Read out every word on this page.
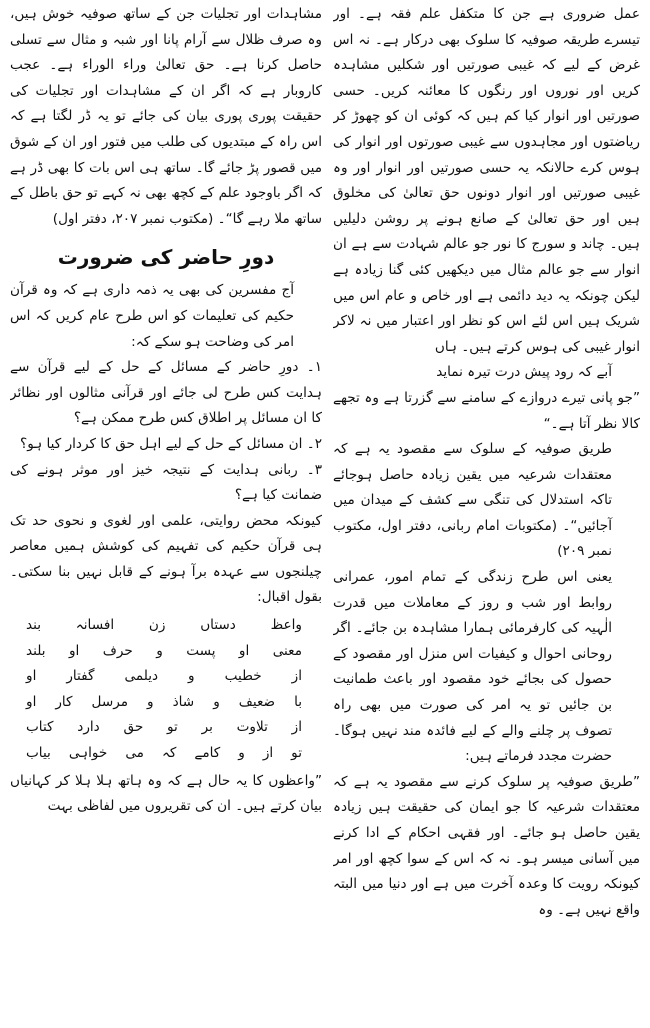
عمل ضروری ہے جن کا متکفل علم فقہ ہے۔ اور تیسرے طریقہ صوفیہ کا سلوک بھی درکار ہے۔ نہ اس غرض کے لیے کہ غیبی صورتیں اور شکلیں مشاہدہ کریں اور نوروں اور رنگوں کا معائنہ کریں۔ حسی صورتیں اور انوار کیا کم ہیں کہ کوئی ان کو چھوڑ کر ریاضتوں اور مجاہدوں سے غیبی صورتوں اور انوار کی ہوس کرے حالانکہ یہ حسی صورتیں اور انوار اور وہ غیبی صورتیں اور انوار دونوں حق تعالیٰ کی مخلوق ہیں اور حق تعالیٰ کے صانع ہونے پر روشن دلیلیں ہیں۔ چاند و سورج کا نور جو عالم شہادت سے ہے ان انوار سے جو عالم مثال میں دیکھیں کئی گنا زیادہ ہے لیکن چونکہ یہ دید دائمی ہے اور خاص و عام اس میں شریک ہیں اس لئے اس کو نظر اور اعتبار میں نہ لاکر انوار غیبی کی ہوس کرتے ہیں۔ ہاں

آبے کہ رود پیش درت تیرہ نماید

”جو پانی تیرے دروازے کے سامنے سے گزرتا ہے وہ تجھے کالا نظر آتا ہے۔“

طریق صوفیہ کے سلوک سے مقصود یہ ہے کہ معتقدات شرعیہ میں یقین زیادہ حاصل ہوجائے تاکہ استدلال کی تنگی سے کشف کے میدان میں آجائیں“۔ (مکتوبات امام ربانی، دفتر اول، مکتوب نمبر ۲۰۹)

یعنی اس طرح زندگی کے تمام امور، عمرانی روابط اور شب و روز کے معاملات میں قدرت الٰہیہ کی کارفرمائی ہمارا مشاہدہ بن جائے۔ اگر روحانی احوال و کیفیات اس منزل اور مقصود کے حصول کی بجائے خود مقصود اور باعث طمانیت بن جائیں تو یہ امر کی صورت میں بھی راہ تصوف پر چلنے والے کے لیے فائدہ مند نہیں ہوگا۔ حضرت مجدد فرماتے ہیں:

”طریق صوفیہ پر سلوک کرنے سے مقصود یہ ہے کہ معتقدات شرعیہ کا جو ایمان کی حقیقت ہیں زیادہ یقین حاصل ہو جائے۔ اور فقہی احکام کے ادا کرنے میں آسانی میسر ہو۔ نہ کہ اس کے سوا کچھ اور امر کیونکہ رویت کا وعدہ آخرت میں ہے اور دنیا میں البتہ واقع نہیں ہے۔ وہ

مشاہدات اور تجلیات جن کے ساتھ صوفیہ خوش ہیں، وہ صرف ظلال سے آرام پانا اور شبہ و مثال سے تسلی حاصل کرنا ہے۔ حق تعالیٰ وراء الوراء ہے۔ عجب کاروبار ہے کہ اگر ان کے مشاہدات اور تجلیات کی حقیقت پوری پوری بیان کی جائے تو یہ ڈر لگتا ہے کہ اس راہ کے مبتدیوں کی طلب میں فتور اور ان کے شوق میں قصور پڑ جائے گا۔ ساتھ ہی اس بات کا بھی ڈر ہے کہ اگر باوجود علم کے کچھ بھی نہ کہے تو حق باطل کے ساتھ ملا رہے گا“۔ (مکتوب نمبر ۲۰۷، دفتر اول)

دورِ حاضر کی ضرورت

آج مفسرین کی بھی یہ ذمہ داری ہے کہ وہ قرآن حکیم کی تعلیمات کو اس طرح عام کریں کہ اس امر کی وضاحت ہو سکے کہ:

۱۔ دورِ حاضر کے مسائل کے حل کے لیے قرآن سے ہدایت کس طرح لی جائے اور قرآنی مثالوں اور نظائر کا ان مسائل پر اطلاق کس طرح ممکن ہے؟

۲۔ ان مسائل کے حل کے لیے اہل حق کا کردار کیا ہو؟

۳۔ ربانی ہدایت کے نتیجہ خیز اور موثر ہونے کی ضمانت کیا ہے؟

کیونکہ محض روایتی، علمی اور لغوی و نحوی حد تک ہی قرآن حکیم کی تفہیم کی کوشش ہمیں معاصر چیلنجوں سے عہدہ برآ ہونے کے قابل نہیں بنا سکتی۔ بقول اقبال:

واعظ دستاں زن افسانہ بند
معنی او پست و حرف او بلند
از خطیب و دیلمی گفتار او
با ضعیف و شاذ و مرسل کار او
از تلاوت بر تو حق دارد کتاب
تو از و کامے کہ می خواہی بیاب

”واعظوں کا یہ حال ہے کہ وہ ہاتھ ہلا ہلا کر کہانیاں بیان کرتے ہیں۔ ان کی تقریروں میں لفاظی بہت
